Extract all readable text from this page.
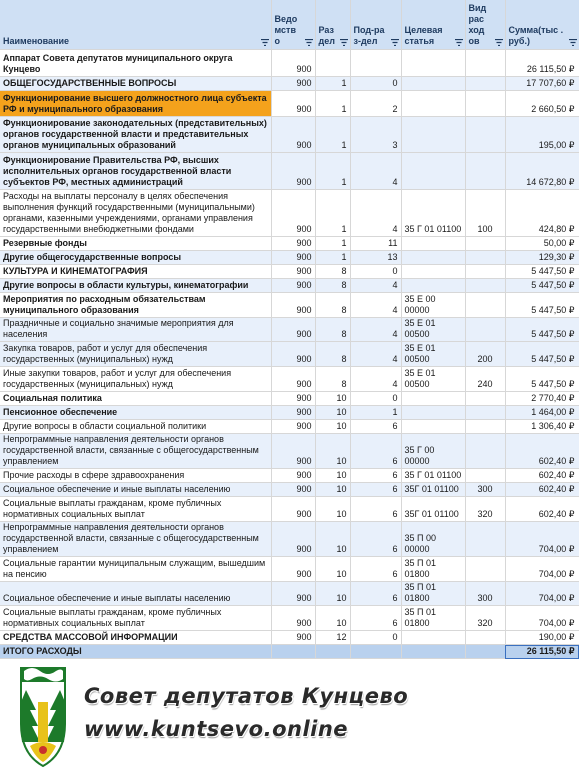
Наименование	Ведо мств о	Раз дел	Под-ра з-дел	Целевая статья	Вид рас ход ов	Сумма(тыс . руб.)

Аппарат Совета депутатов муниципального округа Кунцево	900					26 115,50 ₽
ОБЩЕГОСУДАРСТВЕННЫЕ ВОПРОСЫ	900	1	0			17 707,60 ₽
Функционирование высшего должностного лица субъекта РФ и муниципального образования	900	1	2			2 660,50 ₽
Функционирование законодательных (представительных) органов государственной власти и представительных органов муниципальных образований	900	1	3			195,00 ₽
Функционирование Правительства РФ, высших исполнительных органов государственной власти субъектов РФ, местных администраций	900	1	4			14 672,80 ₽
Расходы на выплаты персоналу в целях обеспечения выполнения функций государственными (муниципальными) органами, казенными учреждениями, органами управления государственными внебюджетными фондами	900	1	4	35 Г 01 01100	100	424,80 ₽
Резервные фонды	900	1	11			50,00 ₽
Другие общегосударственные вопросы	900	1	13			129,30 ₽
КУЛЬТУРА И КИНЕМАТОГРАФИЯ	900	8	0			5 447,50 ₽
Другие вопросы в области культуры, кинематографии	900	8	4			5 447,50 ₽
Мероприятия по расходным обязательствам муниципального образования	900	8	4	35 Е 00 00000		5 447,50 ₽
Праздничные и социально значимые мероприятия для населения	900	8	4	35 Е 01 00500		5 447,50 ₽
Закупка товаров, работ и услуг для обеспечения государственных (муниципальных) нужд	900	8	4	35 Е 01 00500	200	5 447,50 ₽
Иные закупки товаров, работ и услуг для обеспечения государственных (муниципальных) нужд	900	8	4	35 Е 01 00500	240	5 447,50 ₽
Социальная политика	900	10	0			2 770,40 ₽
Пенсионное обеспечение	900	10	1			1 464,00 ₽
Другие вопросы в области социальной политики	900	10	6			1 306,40 ₽
Непрограммные направления деятельности органов государственной власти, связанные с общегосударственным управлением	900	10	6	35 Г 00 00000		602,40 ₽
Прочие расходы в сфере здравоохранения	900	10	6	35 Г 01 01100		602,40 ₽
Социальное обеспечение и иные выплаты населению	900	10	6	35Г 01 01100	300	602,40 ₽
Социальные выплаты гражданам, кроме публичных нормативных социальных выплат	900	10	6	35Г 01 01100	320	602,40 ₽
Непрограммные направления деятельности органов государственной власти, связанные с общегосударственным управлением	900	10	6	35 П 00 00000		704,00 ₽
Социальные гарантии муниципальным служащим, вышедшим на пенсию	900	10	6	35 П 01 01800		704,00 ₽
Социальное обеспечение и иные выплаты населению	900	10	6	35 П 01 01800	300	704,00 ₽
Социальные выплаты гражданам, кроме публичных нормативных социальных выплат	900	10	6	35 П 01 01800	320	704,00 ₽
СРЕДСТВА МАССОВОЙ ИНФОРМАЦИИ	900	12	0			190,00 ₽
ИТОГО РАСХОДЫ						26 115,50 ₽
Совет депутатов Кунцево
www.kuntsevo.online
